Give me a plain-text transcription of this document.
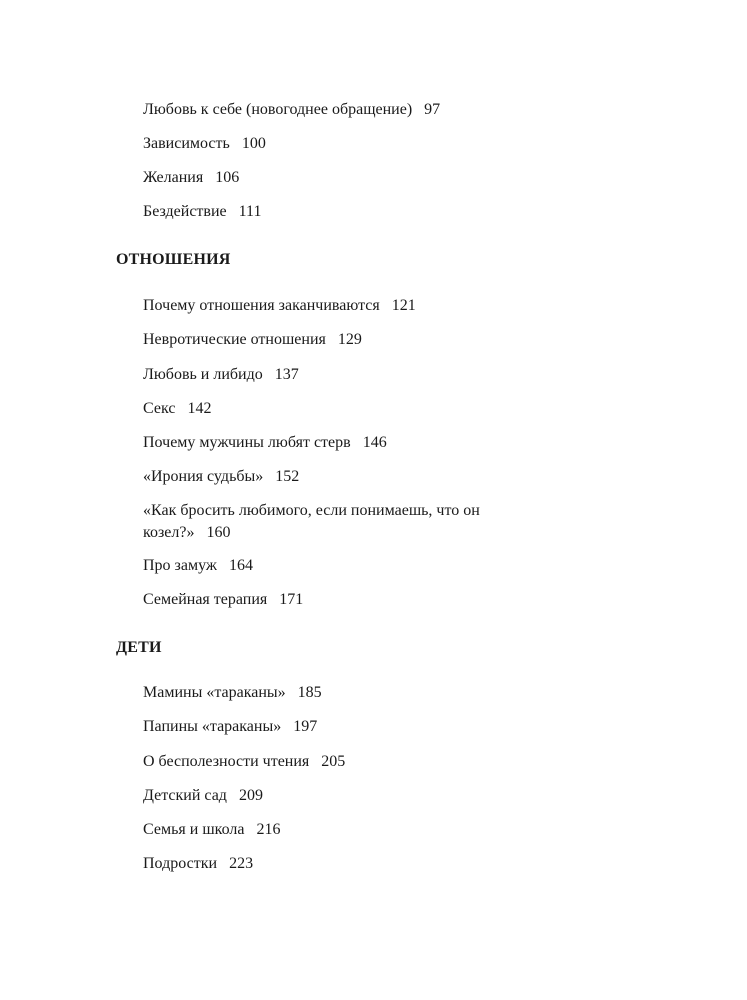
Любовь к себе (новогоднее обращение) 97
Зависимость 100
Желания 106
Бездействие 111
ОТНОШЕНИЯ
Почему отношения заканчиваются 121
Невротические отношения 129
Любовь и либидо 137
Секс 142
Почему мужчины любят стерв 146
«Ирония судьбы» 152
«Как бросить любимого, если понимаешь, что он козел?» 160
Про замуж 164
Семейная терапия 171
ДЕТИ
Мамины «тараканы» 185
Папины «тараканы» 197
О бесполезности чтения 205
Детский сад 209
Семья и школа 216
Подростки 223
